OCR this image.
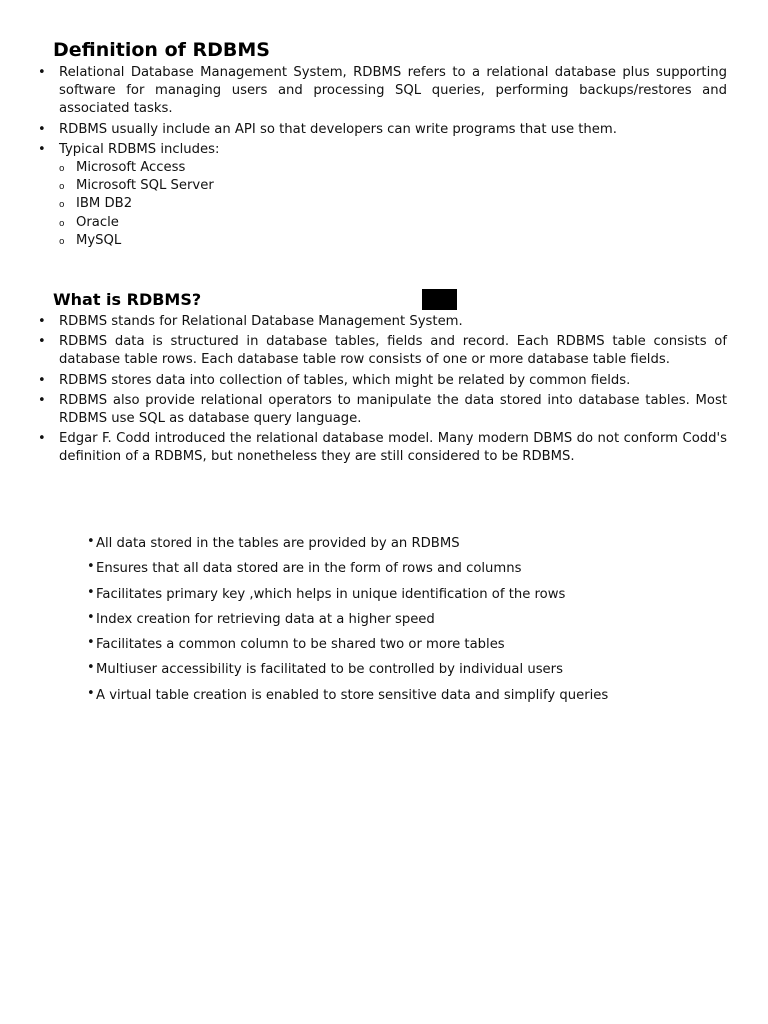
Definition of RDBMS
• Relational Database Management System, RDBMS refers to a relational database plus supporting software for managing users and processing SQL queries, performing backups/restores and associated tasks.
• RDBMS usually include an API so that developers can write programs that use them.
• Typical RDBMS includes:
o Microsoft Access
o Microsoft SQL Server
o IBM DB2
o Oracle
o MySQL
What is RDBMS?
• RDBMS stands for Relational Database Management System.
• RDBMS data is structured in database tables, fields and record. Each RDBMS table consists of database table rows. Each database table row consists of one or more database table fields.
• RDBMS stores data into collection of tables, which might be related by common fields.
• RDBMS also provide relational operators to manipulate the data stored into database tables. Most RDBMS use SQL as database query language.
• Edgar F. Codd introduced the relational database model. Many modern DBMS do not conform Codd's definition of a RDBMS, but nonetheless they are still considered to be RDBMS.
• All data stored in the tables are provided by an RDBMS
• Ensures that all data stored are in the form of rows and columns
• Facilitates primary key ,which helps in unique identification of the rows
• Index creation for retrieving data at a higher speed
• Facilitates a common column to be shared two or more tables
• Multiuser accessibility is facilitated to be controlled by individual users
• A virtual table creation is enabled to store sensitive data and simplify queries
